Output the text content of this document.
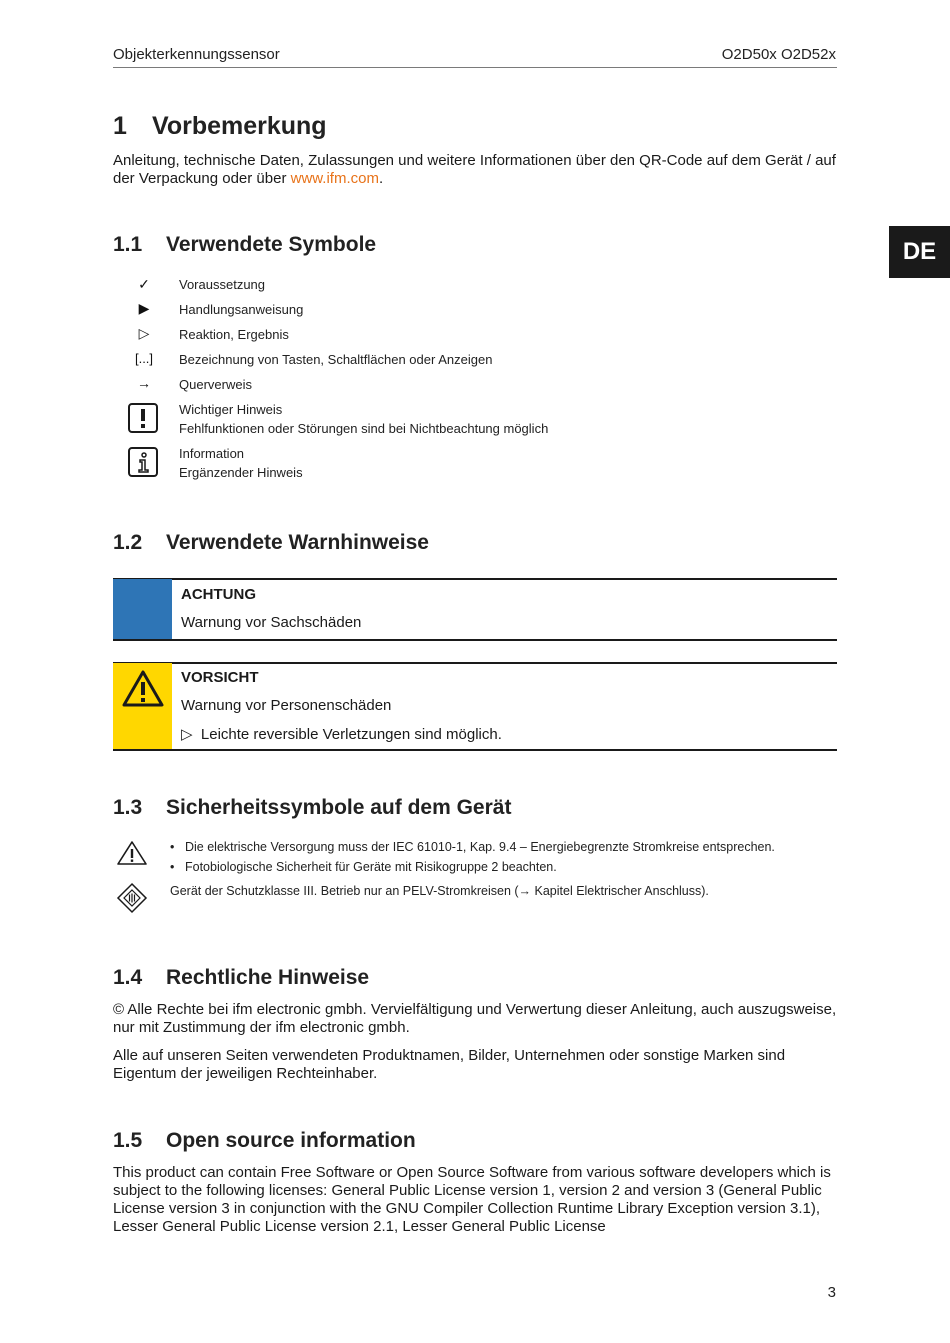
Objekterkennungssensor	O2D50x O2D52x
DE
1 Vorbemerkung
Anleitung, technische Daten, Zulassungen und weitere Informationen über den QR-Code auf dem Gerät / auf der Verpackung oder über www.ifm.com.
1.1 Verwendete Symbole
✓	Voraussetzung
▶	Handlungsanweisung
▷	Reaktion, Ergebnis
[...]	Bezeichnung von Tasten, Schaltflächen oder Anzeigen
→	Querverweis
Wichtiger Hinweis
Fehlfunktionen oder Störungen sind bei Nichtbeachtung möglich
Information
Ergänzender Hinweis
1.2 Verwendete Warnhinweise
ACHTUNG
Warnung vor Sachschäden
VORSICHT
Warnung vor Personenschäden
▷ Leichte reversible Verletzungen sind möglich.
1.3 Sicherheitssymbole auf dem Gerät
• Die elektrische Versorgung muss der IEC 61010-1, Kap. 9.4 – Energiebegrenzte Stromkreise entsprechen.
• Fotobiologische Sicherheit für Geräte mit Risikogruppe 2 beachten.
Gerät der Schutzklasse III. Betrieb nur an PELV-Stromkreisen (→ Kapitel Elektrischer Anschluss).
1.4 Rechtliche Hinweise
© Alle Rechte bei ifm electronic gmbh. Vervielfältigung und Verwertung dieser Anleitung, auch auszugsweise, nur mit Zustimmung der ifm electronic gmbh.
Alle auf unseren Seiten verwendeten Produktnamen, Bilder, Unternehmen oder sonstige Marken sind Eigentum der jeweiligen Rechteinhaber.
1.5 Open source information
This product can contain Free Software or Open Source Software from various software developers which is subject to the following licenses: General Public License version 1, version 2 and version 3 (General Public License version 3 in conjunction with the GNU Compiler Collection Runtime Library Exception version 3.1), Lesser General Public License version 2.1, Lesser General Public License
3
